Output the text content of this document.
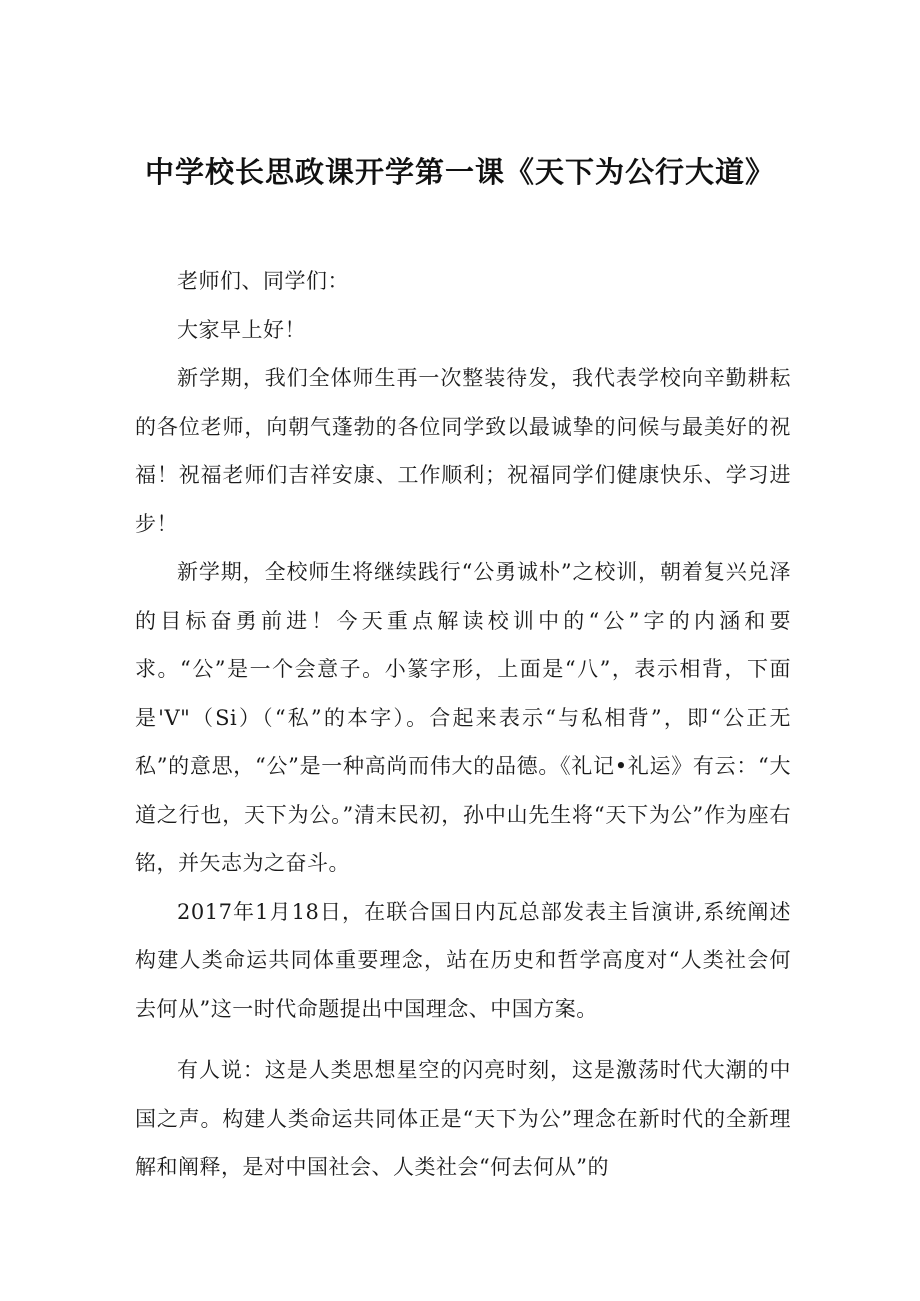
中学校长思政课开学第一课《天下为公行大道》

老师们、同学们：

大家早上好！

新学期，我们全体师生再一次整装待发，我代表学校向辛勤耕耘的各位老师，向朝气蓬勃的各位同学致以最诚挚的问候与最美好的祝福！祝福老师们吉祥安康、工作顺利；祝福同学们健康快乐、学习进步！

新学期，全校师生将继续践行“公勇诚朴”之校训，朝着复兴兑泽的目标奋勇前进！今天重点解读校训中的“公”字的内涵和要求。“公”是一个会意子。小篆字形，上面是“八”，表示相背，下面是'V"（Si）（“私”的本字）。合起来表示“与私相背”，即“公正无私”的意思，“公”是一种高尚而伟大的品德。《礼记•礼运》有云：“大道之行也，天下为公。”清末民初，孙中山先生将“天下为公”作为座右铭，并矢志为之奋斗。

2017年1月18日，在联合国日内瓦总部发表主旨演讲,系统阐述构建人类命运共同体重要理念，站在历史和哲学高度对“人类社会何去何从”这一时代命题提出中国理念、中国方案。

有人说：这是人类思想星空的闪亮时刻，这是激荡时代大潮的中国之声。构建人类命运共同体正是“天下为公”理念在新时代的全新理解和阐释，是对中国社会、人类社会“何去何从”的
